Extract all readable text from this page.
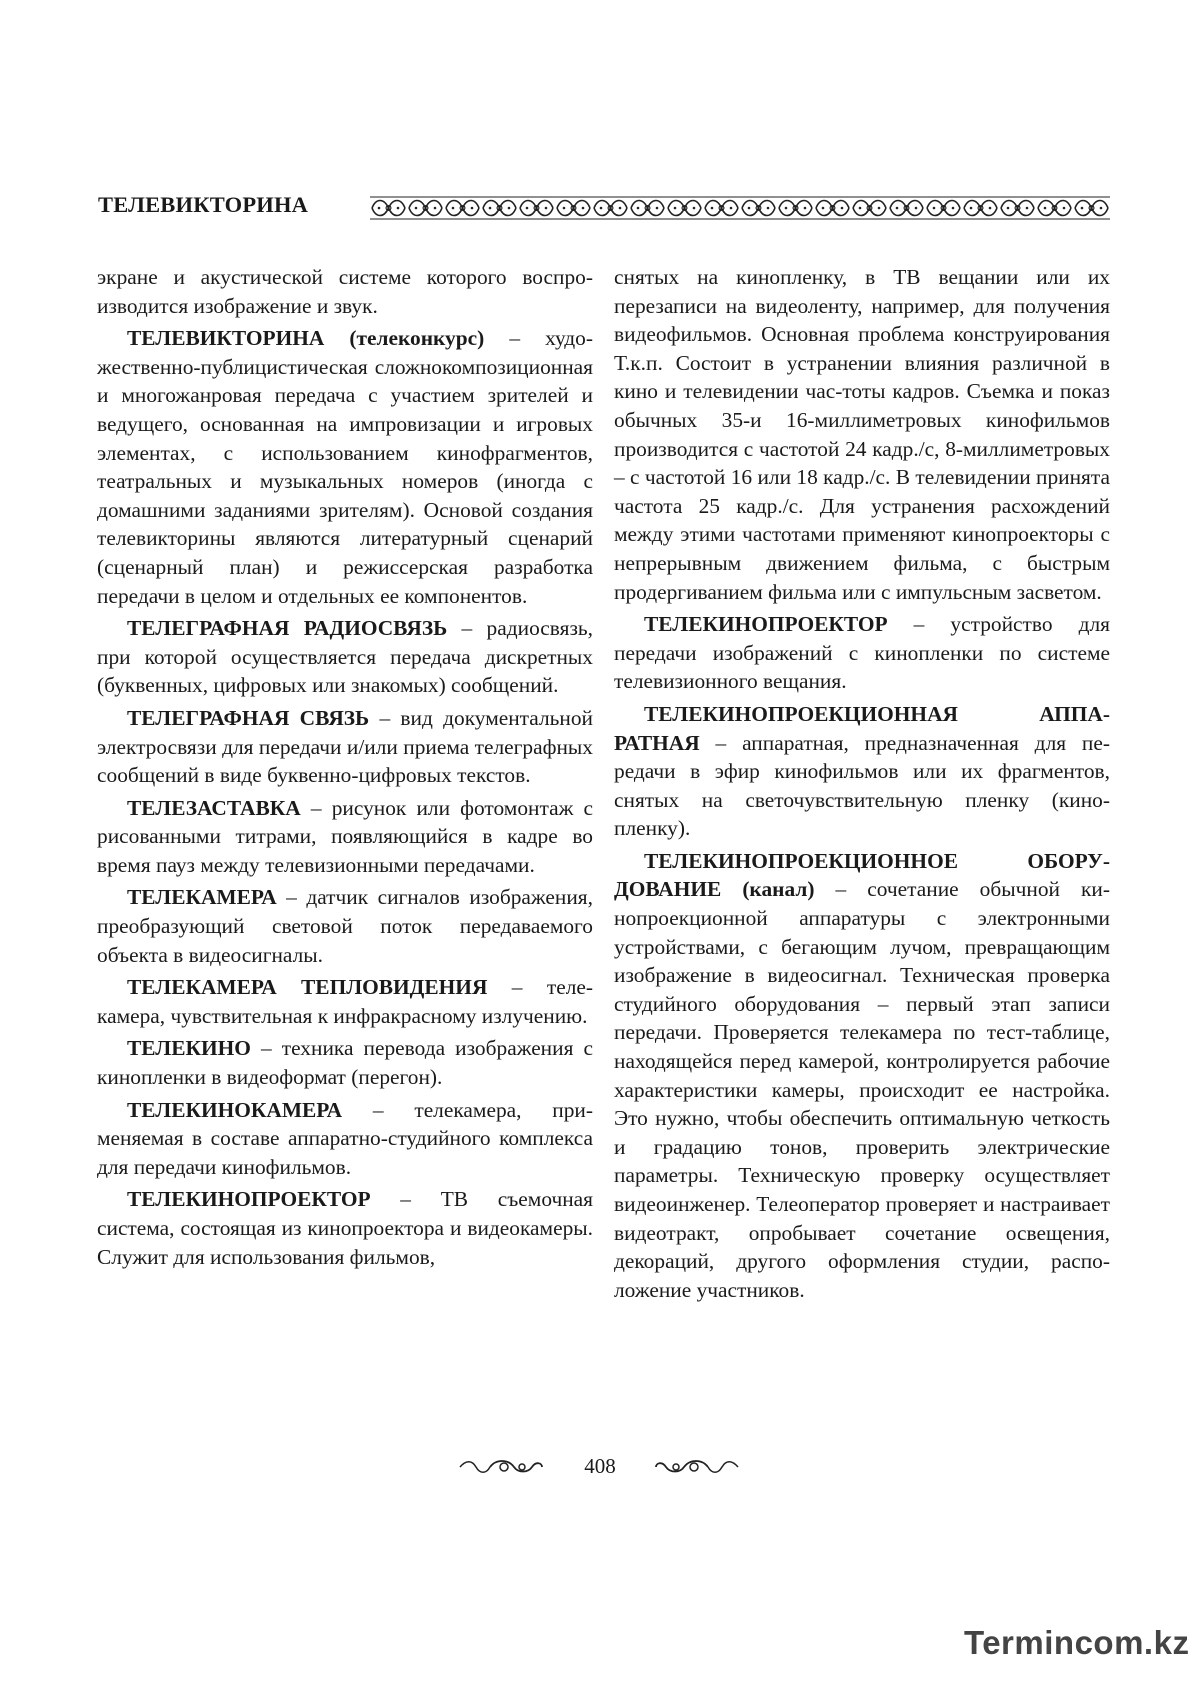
ТЕЛЕВИКТОРИНА

экране и акустической системе которого воспроизводится изображение и звук.

ТЕЛЕВИКТОРИНА (телеконкурс) – художественно-публицистическая сложнокомпозиционная и многожанровая передача с участием зрителей и ведущего, основанная на импровизации и игровых элементах, с использованием кинофрагментов, театральных и музыкальных номеров (иногда с домашними заданиями зрителям). Основой создания телевикторины являются литературный сценарий (сценарный план) и режиссерская разработка передачи в целом и отдельных ее компонентов.

ТЕЛЕГРАФНАЯ РАДИОСВЯЗЬ – радиосвязь, при которой осуществляется передача дискретных (буквенных, цифровых или знакомых) сообщений.

ТЕЛЕГРАФНАЯ СВЯЗЬ – вид документальной электросвязи для передачи и/или приема телеграфных сообщений в виде буквенно-цифровых текстов.

ТЕЛЕЗАСТАВКА – рисунок или фотомонтаж с рисованными титрами, появляющийся в кадре во время пауз между телевизионными передачами.

ТЕЛЕКАМЕРА – датчик сигналов изображения, преобразующий световой поток передаваемого объекта в видеосигналы.

ТЕЛЕКАМЕРА ТЕПЛОВИДЕНИЯ – телекамера, чувствительная к инфракрасному излучению.

ТЕЛЕКИНО – техника перевода изображения с кинопленки в видеоформат (перегон).

ТЕЛЕКИНОКАМЕРА – телекамера, применяемая в составе аппаратно-студийного комплекса для передачи кинофильмов.

ТЕЛЕКИНОПРОЕКТОР – ТВ съемочная система, состоящая из кинопроектора и видеокамеры. Служит для использования фильмов,

снятых на кинопленку, в ТВ вещании или их перезаписи на видеоленту, например, для получения видеофильмов. Основная проблема конструирования Т.к.п. Состоит в устранении влияния различной в кино и телевидении час-тоты кадров. Съемка и показ обычных 35-и 16-миллиметровых кинофильмов производится с частотой 24 кадр./с, 8-миллиметровых – с частотой 16 или 18 кадр./с. В телевидении принята частота 25 кадр./с. Для устранения расхождений между этими частотами применяют кинопроекторы с непрерывным движением фильма, с быстрым продергиванием фильма или с импульсным засветом.

ТЕЛЕКИНОПРОЕКТОР – устройство для передачи изображений с кинопленки по системе телевизионного вещания.

ТЕЛЕКИНОПРОЕКЦИОННАЯ АППАРАТНАЯ – аппаратная, предназначенная для передачи в эфир кинофильмов или их фрагментов, снятых на светочувствительную пленку (кинопленку).

ТЕЛЕКИНОПРОЕКЦИОННОЕ ОБОРУДОВАНИЕ (канал) – сочетание обычной кинопроекционной аппаратуры с электронными устройствами, с бегающим лучом, превращающим изображение в видеосигнал. Техническая проверка студийного оборудования – первый этап записи передачи. Проверяется телекамера по тест-таблице, находящейся перед камерой, контролируется рабочие характеристики камеры, происходит ее настройка. Это нужно, чтобы обеспечить оптимальную четкость и градацию тонов, проверить электрические параметры. Техническую проверку осуществляет видеоинженер. Телеоператор проверяет и настраивает видеотракт, опробывает сочетание освещения, декораций, другого оформления студии, расположение участников.

408
Termincom.kz
